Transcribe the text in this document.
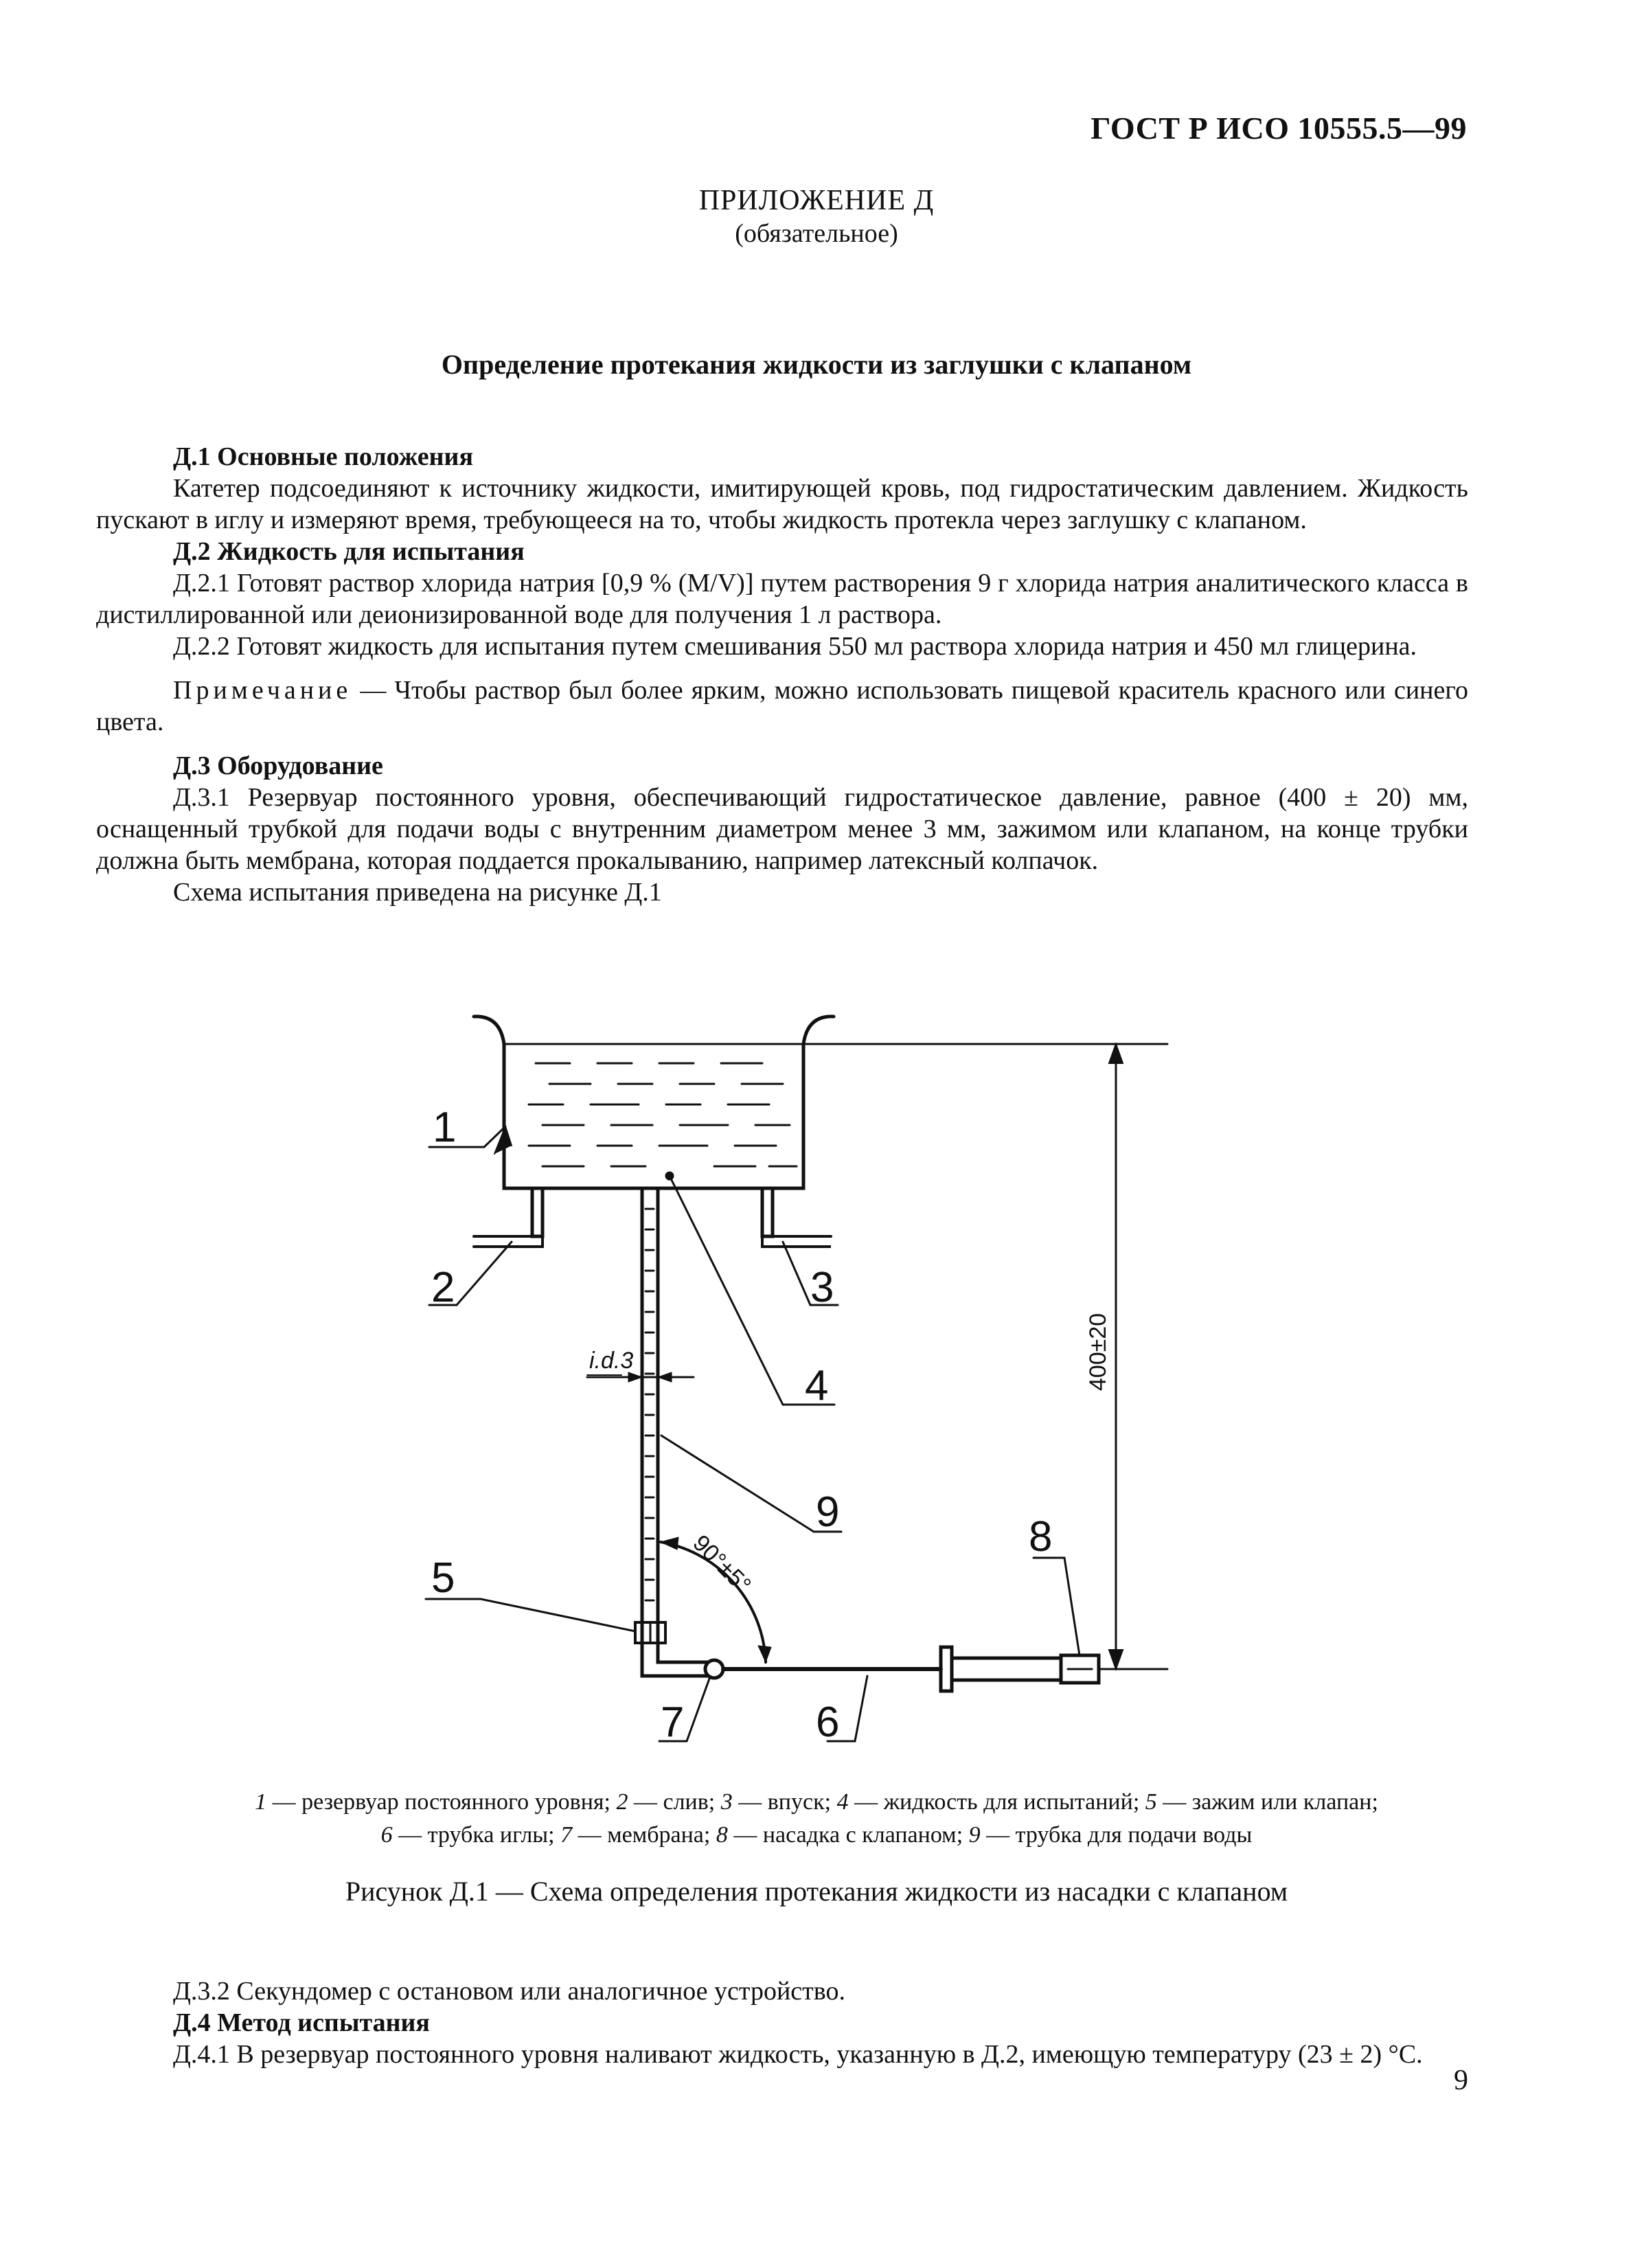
ГОСТ Р ИСО 10555.5—99
ПРИЛОЖЕНИЕ Д
(обязательное)
Определение протекания жидкости из заглушки с клапаном

Д.1 Основные положения

Катетер подсоединяют к источнику жидкости, имитирующей кровь, под гидростатическим давлением. Жидкость пускают в иглу и измеряют время, требующееся на то, чтобы жидкость протекла через заглушку с клапаном.

Д.2 Жидкость для испытания

Д.2.1 Готовят раствор хлорида натрия [0,9 % (M/V)] путем растворения 9 г хлорида натрия аналитического класса в дистиллированной или деионизированной воде для получения 1 л раствора.

Д.2.2 Готовят жидкость для испытания путем смешивания 550 мл раствора хлорида натрия и 450 мл глицерина.

Примечание — Чтобы раствор был более ярким, можно использовать пищевой краситель красного или синего цвета.

Д.3 Оборудование

Д.3.1 Резервуар постоянного уровня, обеспечивающий гидростатическое давление, равное (400 ± 20) мм, оснащенный трубкой для подачи воды с внутренним диаметром менее 3 мм, зажимом или клапаном, на конце трубки должна быть мембрана, которая поддается прокалыванию, например латексный колпачок.

Схема испытания приведена на рисунке Д.1

1
2	3
4
5
6
7
8
9
i.d.3
90°±5°
400±20
1 — резервуар постоянного уровня; 2 — слив; 3 — впуск; 4 — жидкость для испытаний; 5 — зажим или клапан;
6 — трубка иглы; 7 — мембрана; 8 — насадка с клапаном; 9 — трубка для подачи воды
Рисунок Д.1 — Схема определения протекания жидкости из насадки с клапаном

Д.3.2 Секундомер с остановом или аналогичное устройство.

Д.4 Метод испытания

Д.4.1 В резервуар постоянного уровня наливают жидкость, указанную в Д.2, имеющую температуру (23 ± 2) °С.

9
